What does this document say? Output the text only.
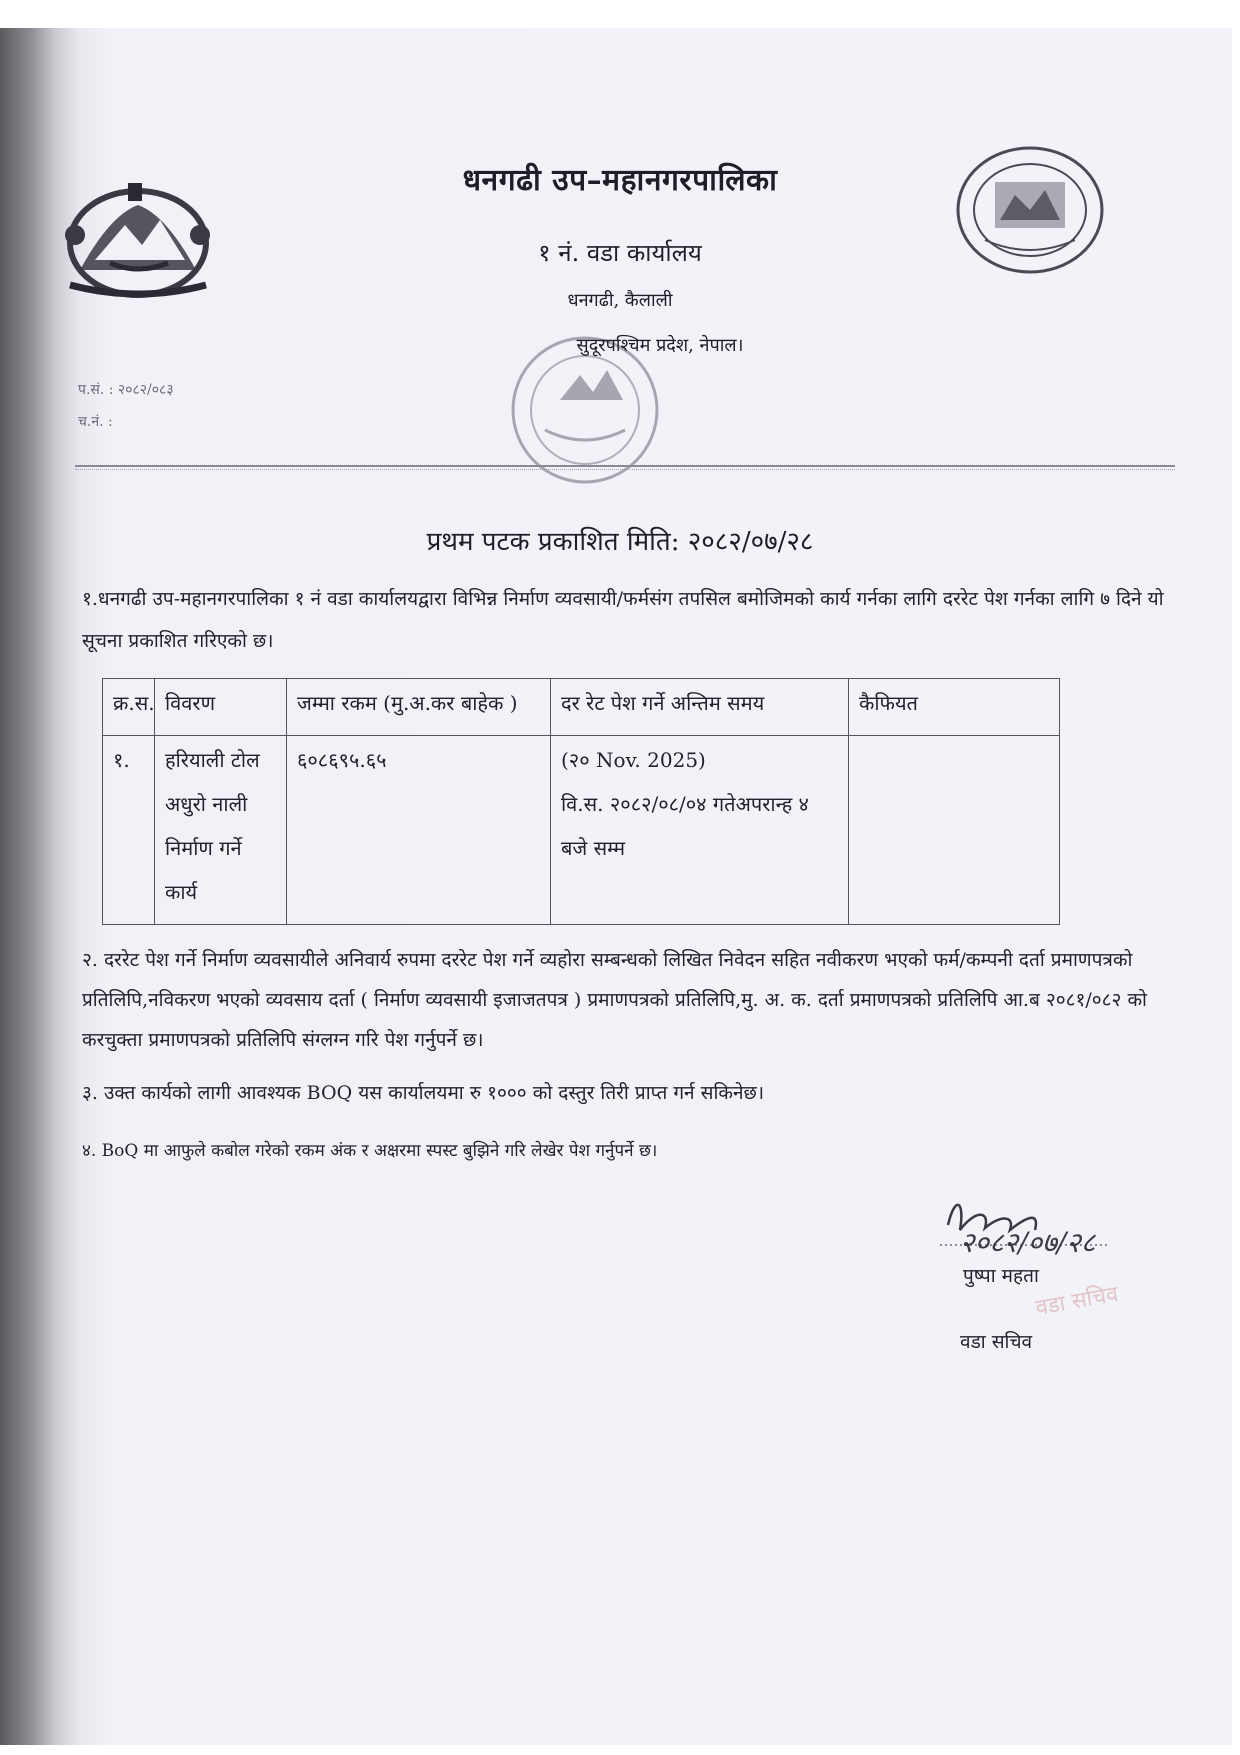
धनगढी उप–महानगरपालिका
१ नं. वडा कार्यालय
धनगढी, कैलाली
सुदूरपश्चिम प्रदेश, नेपाल।
प.सं. : २०८२/०८३
च.नं. :
प्रथम पटक प्रकाशित मिति: २०८२/०७/२८
१.धनगढी उप-महानगरपालिका १ नं वडा कार्यालयद्वारा विभिन्न निर्माण व्यवसायी/फर्मसंग तपसिल बमोजिमको कार्य गर्नका लागि दररेट पेश गर्नका लागि ७ दिने यो सूचना प्रकाशित गरिएको छ।
क्र.स.	विवरण	जम्मा रकम (मु.अ.कर बाहेक )	दर रेट पेश गर्ने अन्तिम समय	कैफियत
१.	हरियाली टोल अधुरो नाली निर्माण गर्ने कार्य	६०८६९५.६५	(२० Nov. 2025)
वि.स. २०८२/०८/०४ गतेअपरान्ह ४ बजे सम्म	

२. दररेट पेश गर्ने निर्माण व्यवसायीले अनिवार्य रुपमा दररेट पेश गर्ने व्यहोरा सम्बन्धको लिखित निवेदन सहित नवीकरण भएको फर्म/कम्पनी दर्ता प्रमाणपत्रको प्रतिलिपि,नविकरण भएको व्यवसाय दर्ता ( निर्माण व्यवसायी इजाजतपत्र ) प्रमाणपत्रको प्रतिलिपि,मु. अ. क. दर्ता प्रमाणपत्रको प्रतिलिपि आ.ब २०८१/०८२ को करचुक्ता प्रमाणपत्रको प्रतिलिपि संग्लग्न गरि पेश गर्नुपर्ने छ।
३. उक्त कार्यको लागी आवश्यक BOQ यस कार्यालयमा रु १००० को दस्तुर तिरी प्राप्त गर्न सकिनेछ।
४. BoQ मा आफुले कबोल गरेको रकम अंक र अक्षरमा स्पस्ट बुझिने गरि लेखेर पेश गर्नुपर्ने छ।
२०८२/०७/२८
पुष्पा महता
वडा सचिव
वडा सचिव
